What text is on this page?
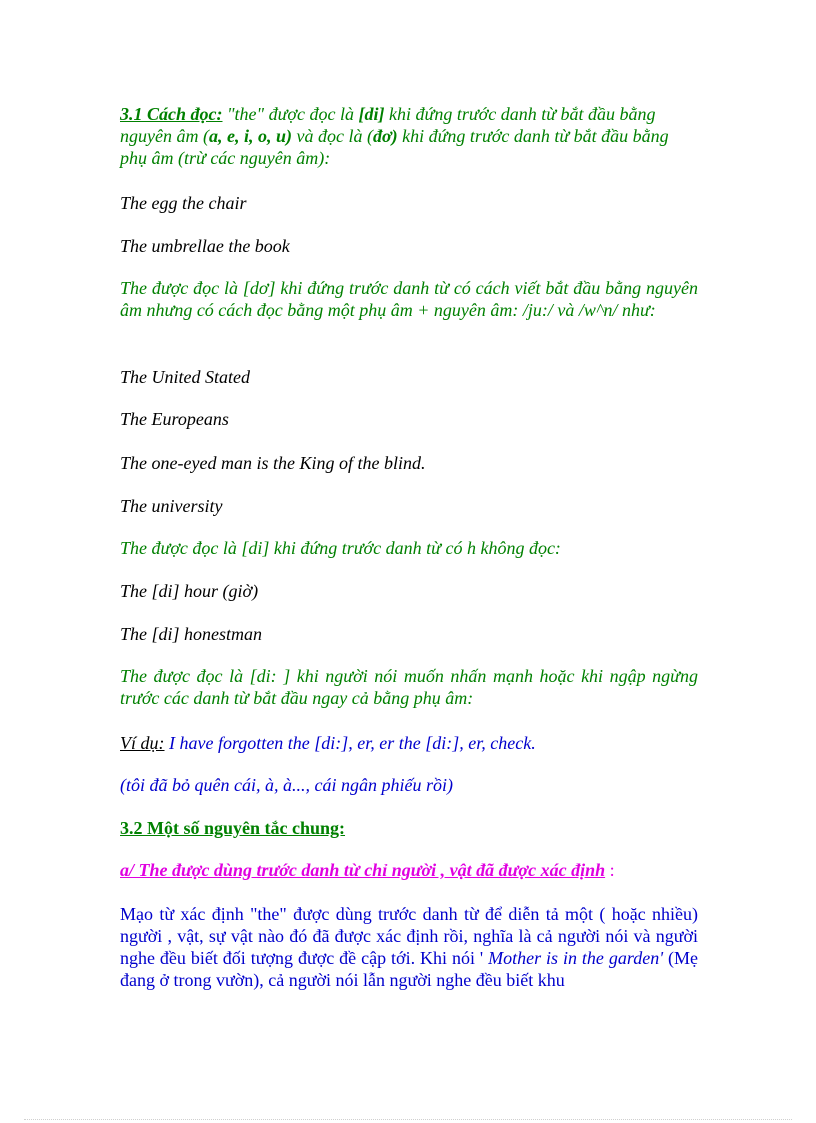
3.1 Cách đọc: "the" được đọc là [di] khi đứng trước danh từ bắt đầu bằng nguyên âm (a, e, i, o, u) và đọc là (đơ) khi đứng trước danh từ bắt đầu bằng phụ âm (trừ các nguyên âm):

The egg the chair

The umbrellae the book

The được đọc là [dơ] khi đứng trước danh từ có cách viết bắt đầu bằng nguyên âm nhưng có cách đọc bằng một phụ âm + nguyên âm: /ju:/ và /w^n/ như:

The United Stated

The Europeans

The one-eyed man is the King of the blind.

The university

The được đọc là [di] khi đứng trước danh từ có h không đọc:

The [di] hour (giờ)

The [di] honestman

The được đọc là [di: ] khi người nói muốn nhấn mạnh hoặc khi ngập ngừng trước các danh từ bắt đầu ngay cả bằng phụ âm:

Ví dụ: I have forgotten the [di:], er, er the [di:], er, check.

(tôi đã bỏ quên cái, à, à..., cái ngân phiếu rồi)

3.2 Một số nguyên tắc chung:

a/ The được dùng trước danh từ chỉ người , vật đã được xác định :

Mạo từ xác định "the" được dùng trước danh từ để diễn tả một ( hoặc nhiều) người , vật, sự vật nào đó đã được xác định rồi, nghĩa là cả người nói và người nghe đều biết đối tượng được đề cập tới. Khi nói ' Mother is in the garden' (Mẹ đang ở trong vườn), cả người nói lẫn người nghe đều biết khu
